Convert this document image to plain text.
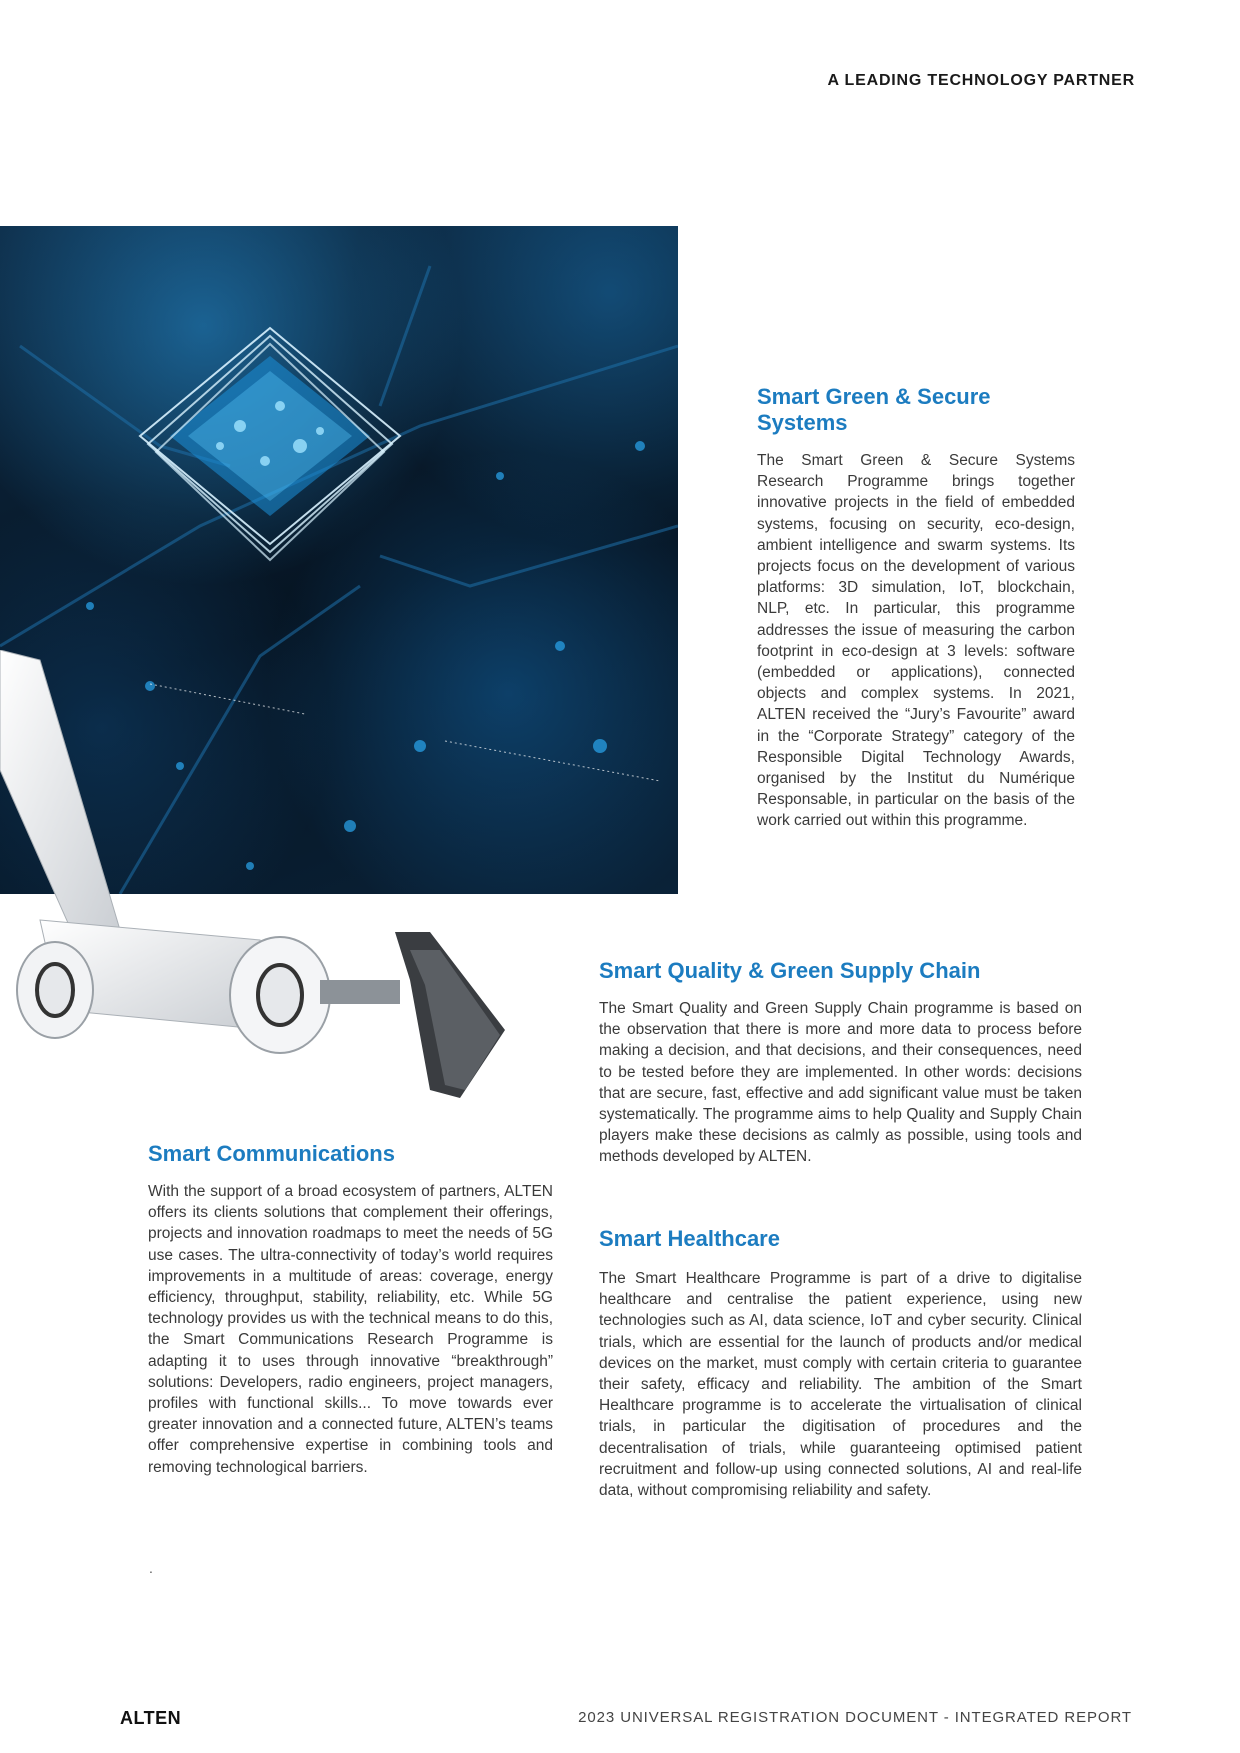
A LEADING TECHNOLOGY PARTNER
Smart Green & Secure Systems

The Smart Green & Secure Systems Research Programme brings together innovative projects in the field of embedded systems, focusing on security, eco-design, ambient intelligence and swarm systems. Its projects focus on the development of various platforms: 3D simulation, IoT, blockchain, NLP, etc. In particular, this programme addresses the issue of measuring the carbon footprint in eco-design at 3 levels: software (embedded or applications), connected objects and complex systems. In 2021, ALTEN received the “Jury’s Favourite” award in the “Corporate Strategy” category of the Responsible Digital Technology Awards, organised by the Institut du Numérique Responsable, in particular on the basis of the work carried out within this programme.

Smart Quality & Green Supply Chain

The Smart Quality and Green Supply Chain programme is based on the observation that there is more and more data to process before making a decision, and that decisions, and their consequences, need to be tested before they are implemented. In other words: decisions that are secure, fast, effective and add significant value must be taken systematically. The programme aims to help Quality and Supply Chain players make these decisions as calmly as possible, using tools and methods developed by ALTEN.

Smart Communications

With the support of a broad ecosystem of partners, ALTEN offers its clients solutions that complement their offerings, projects and innovation roadmaps to meet the needs of 5G use cases. The ultra-connectivity of today’s world requires improvements in a multitude of areas: coverage, energy efficiency, throughput, stability, reliability, etc. While 5G technology provides us with the technical means to do this, the Smart Communications Research Programme is adapting it to uses through innovative “breakthrough” solutions: Developers, radio engineers, project managers, profiles with functional skills... To move towards ever greater innovation and a connected future, ALTEN’s teams offer comprehensive expertise in combining tools and removing technological barriers.

.
Smart Healthcare

The Smart Healthcare Programme is part of a drive to digitalise healthcare and centralise the patient experience, using new technologies such as AI, data science, IoT and cyber security. Clinical trials, which are essential for the launch of products and/or medical devices on the market, must comply with certain criteria to guarantee their safety, efficacy and reliability. The ambition of the Smart Healthcare programme is to accelerate the virtualisation of clinical trials, in particular the digitisation of procedures and the decentralisation of trials, while guaranteeing optimised patient recruitment and follow-up using connected solutions, AI and real-life data, without compromising reliability and safety.

ALTEN	2023 UNIVERSAL REGISTRATION DOCUMENT - INTEGRATED REPORT
